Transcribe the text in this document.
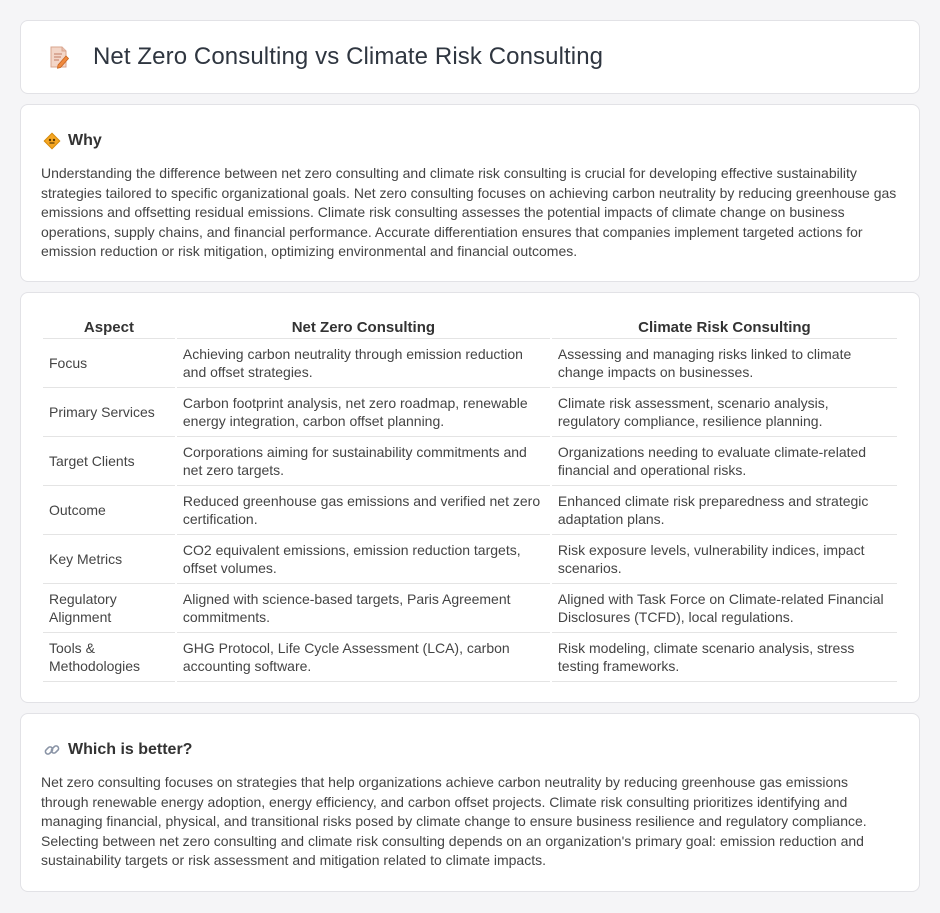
Net Zero Consulting vs Climate Risk Consulting
Why

Understanding the difference between net zero consulting and climate risk consulting is crucial for developing effective sustainability strategies tailored to specific organizational goals. Net zero consulting focuses on achieving carbon neutrality by reducing greenhouse gas emissions and offsetting residual emissions. Climate risk consulting assesses the potential impacts of climate change on business operations, supply chains, and financial performance. Accurate differentiation ensures that companies implement targeted actions for emission reduction or risk mitigation, optimizing environmental and financial outcomes.

Aspect	Net Zero Consulting	Climate Risk Consulting
Focus	Achieving carbon neutrality through emission reduction and offset strategies.	Assessing and managing risks linked to climate change impacts on businesses.
Primary Services	Carbon footprint analysis, net zero roadmap, renewable energy integration, carbon offset planning.	Climate risk assessment, scenario analysis, regulatory compliance, resilience planning.
Target Clients	Corporations aiming for sustainability commitments and net zero targets.	Organizations needing to evaluate climate-related financial and operational risks.
Outcome	Reduced greenhouse gas emissions and verified net zero certification.	Enhanced climate risk preparedness and strategic adaptation plans.
Key Metrics	CO2 equivalent emissions, emission reduction targets, offset volumes.	Risk exposure levels, vulnerability indices, impact scenarios.
Regulatory Alignment	Aligned with science-based targets, Paris Agreement commitments.	Aligned with Task Force on Climate-related Financial Disclosures (TCFD), local regulations.
Tools & Methodologies	GHG Protocol, Life Cycle Assessment (LCA), carbon accounting software.	Risk modeling, climate scenario analysis, stress testing frameworks.
Which is better?

Net zero consulting focuses on strategies that help organizations achieve carbon neutrality by reducing greenhouse gas emissions through renewable energy adoption, energy efficiency, and carbon offset projects. Climate risk consulting prioritizes identifying and managing financial, physical, and transitional risks posed by climate change to ensure business resilience and regulatory compliance. Selecting between net zero consulting and climate risk consulting depends on an organization's primary goal: emission reduction and sustainability targets or risk assessment and mitigation related to climate impacts.
